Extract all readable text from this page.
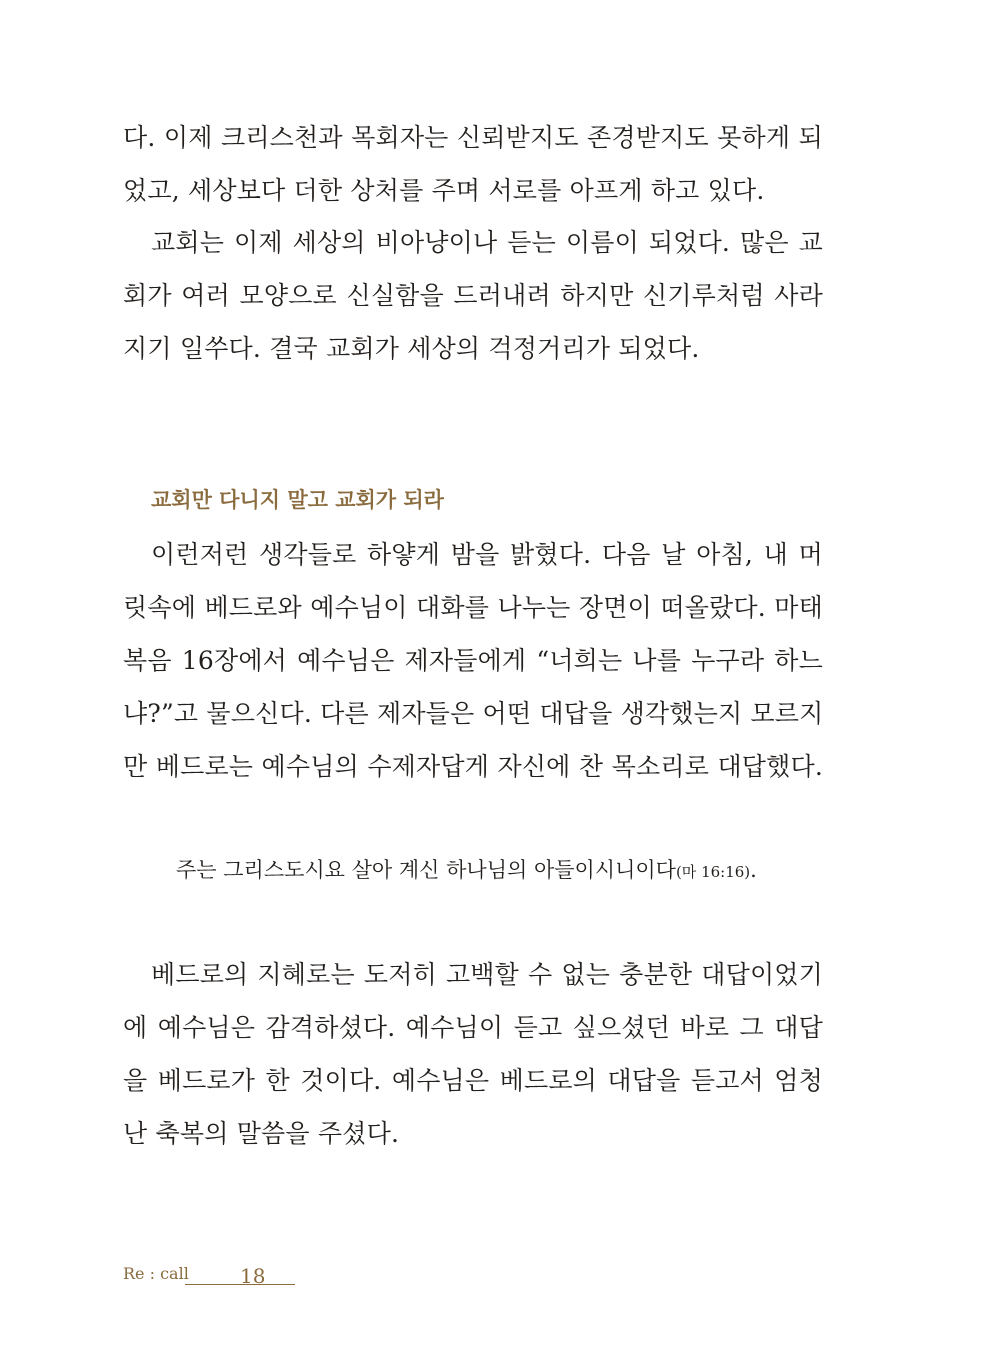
다. 이제 크리스천과 목회자는 신뢰받지도 존경받지도 못하게 되
었고, 세상보다 더한 상처를 주며 서로를 아프게 하고 있다.
교회는 이제 세상의 비아냥이나 듣는 이름이 되었다. 많은 교
회가 여러 모양으로 신실함을 드러내려 하지만 신기루처럼 사라
지기 일쑤다. 결국 교회가 세상의 걱정거리가 되었다.
교회만 다니지 말고 교회가 되라
이런저런 생각들로 하얗게 밤을 밝혔다. 다음 날 아침, 내 머
릿속에 베드로와 예수님이 대화를 나누는 장면이 떠올랐다. 마태
복음 16장에서 예수님은 제자들에게 “너희는 나를 누구라 하느
냐?”고 물으신다. 다른 제자들은 어떤 대답을 생각했는지 모르지
만 베드로는 예수님의 수제자답게 자신에 찬 목소리로 대답했다.

주는 그리스도시요 살아 계신 하나님의 아들이시니이다(마 16:16).

베드로의 지혜로는 도저히 고백할 수 없는 충분한 대답이었기
에 예수님은 감격하셨다. 예수님이 듣고 싶으셨던 바로 그 대답
을 베드로가 한 것이다. 예수님은 베드로의 대답을 듣고서 엄청
난 축복의 말씀을 주셨다.
Re : call	18
